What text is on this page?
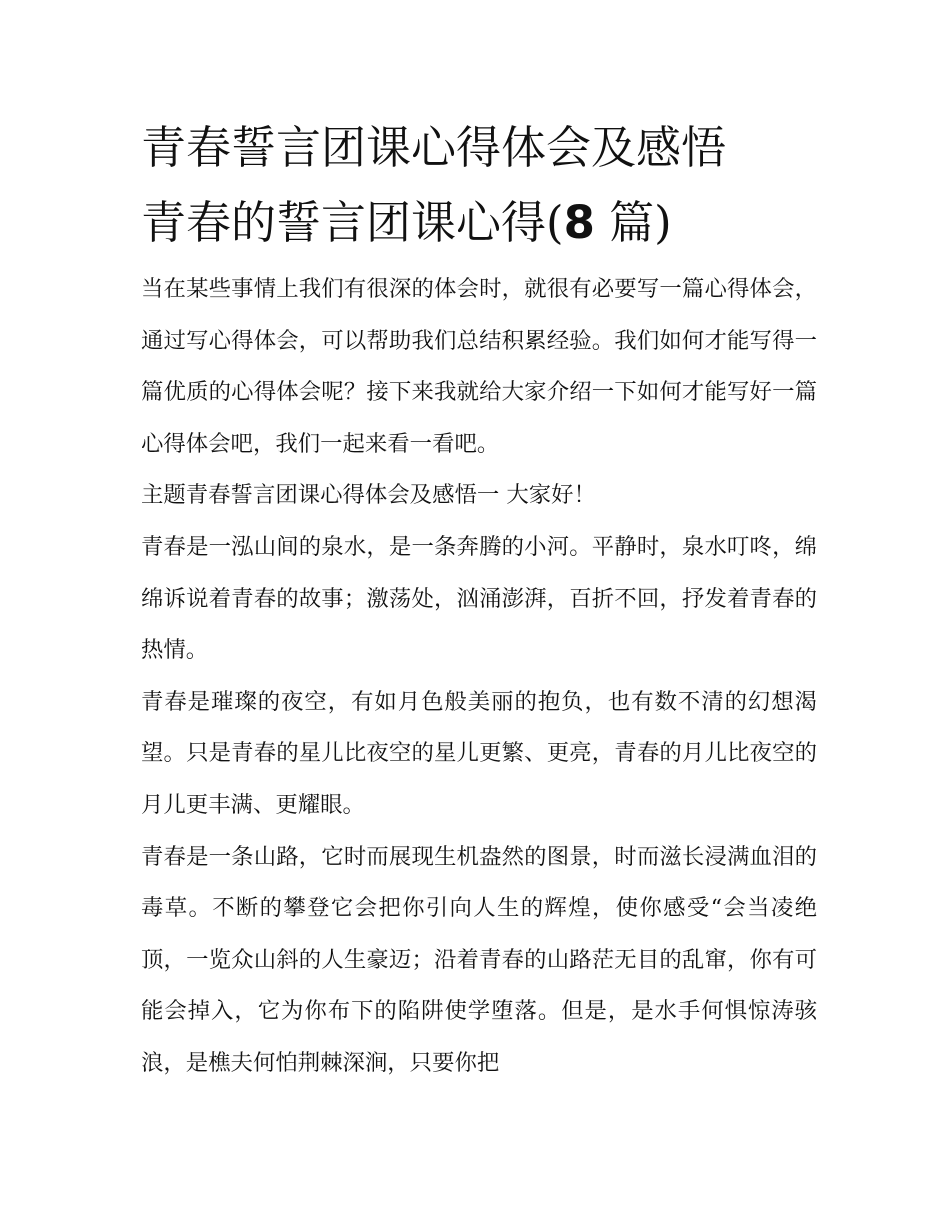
青春誓言团课心得体会及感悟
青春的誓言团课心得(8 篇)

当在某些事情上我们有很深的体会时，就很有必要写一篇心得体会，通过写心得体会，可以帮助我们总结积累经验。我们如何才能写得一篇优质的心得体会呢？接下来我就给大家介绍一下如何才能写好一篇心得体会吧，我们一起来看一看吧。

主题青春誓言团课心得体会及感悟一 大家好！

青春是一泓山间的泉水，是一条奔腾的小河。平静时，泉水叮咚，绵绵诉说着青春的故事；激荡处，汹涌澎湃，百折不回，抒发着青春的热情。

青春是璀璨的夜空，有如月色般美丽的抱负，也有数不清的幻想渴望。只是青春的星儿比夜空的星儿更繁、更亮，青春的月儿比夜空的月儿更丰满、更耀眼。

青春是一条山路，它时而展现生机盎然的图景，时而滋长浸满血泪的毒草。不断的攀登它会把你引向人生的辉煌，使你感受“会当凌绝顶，一览众山斜的人生豪迈；沿着青春的山路茫无目的乱窜，你有可能会掉入，它为你布下的陷阱使学堕落。但是，是水手何惧惊涛骇浪，是樵夫何怕荆棘深涧，只要你把
